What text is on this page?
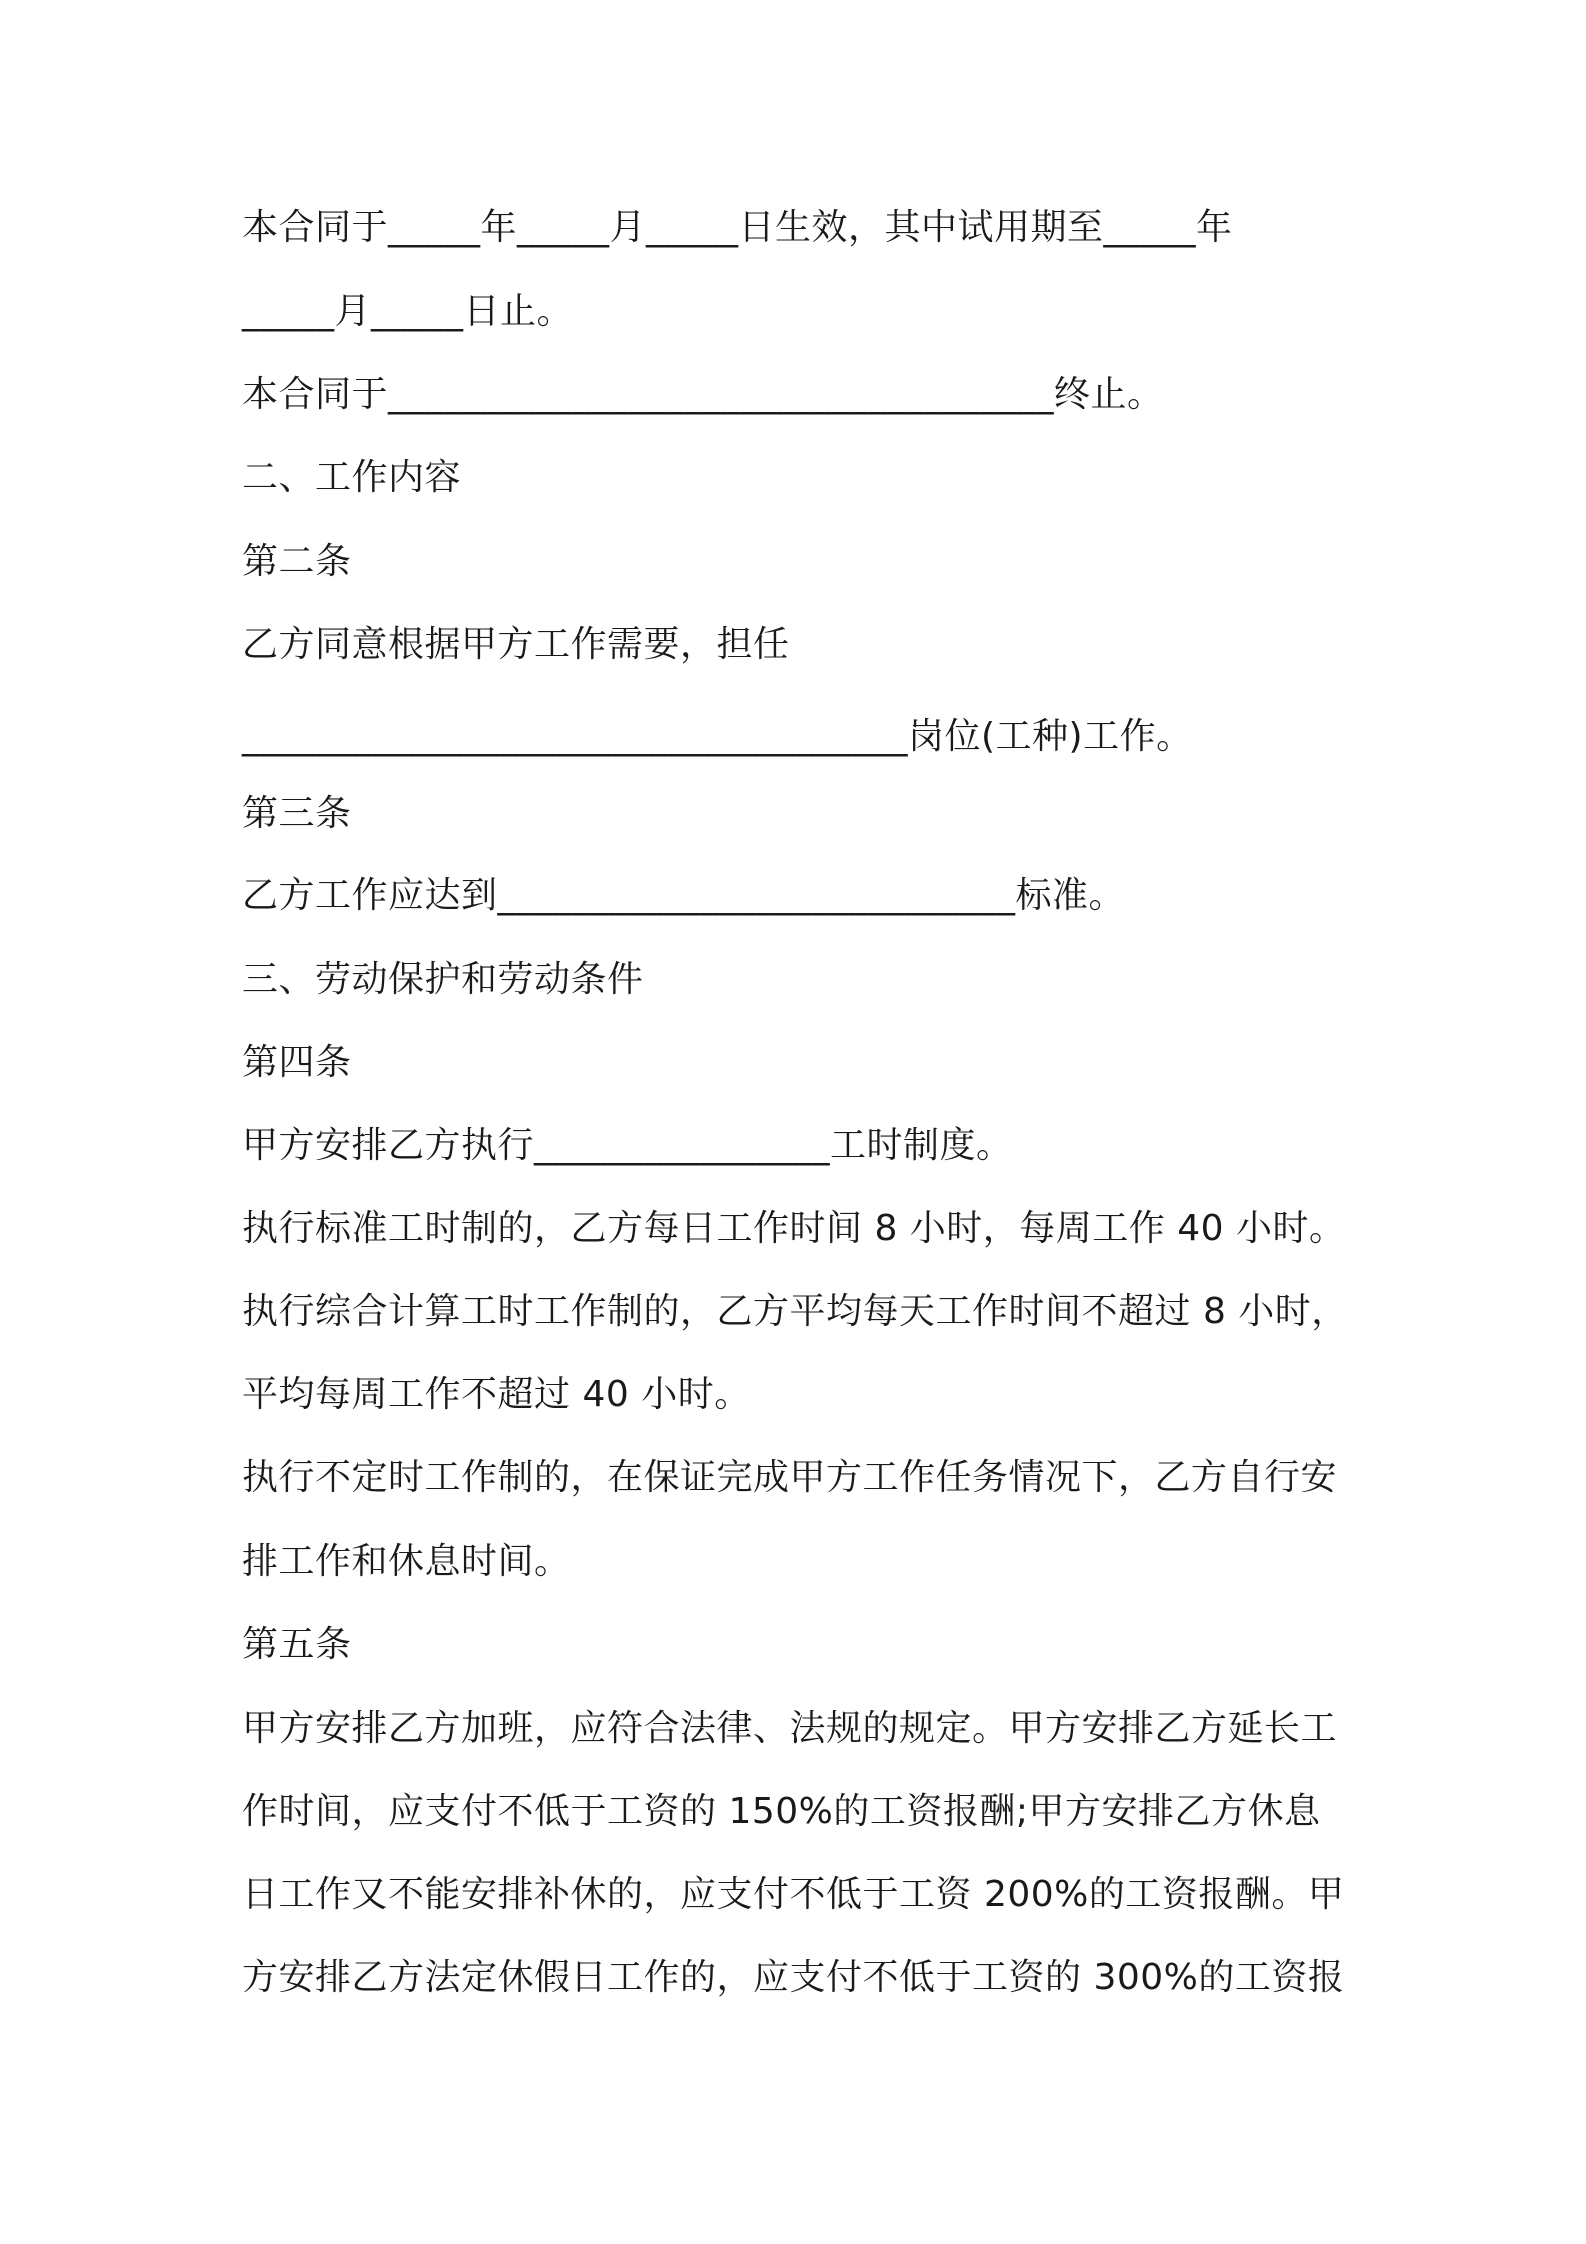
本合同于_____年_____月_____日生效，其中试用期至_____年
_____月_____日止。
本合同于____________________________________终止。
二、工作内容
第二条
乙方同意根据甲方工作需要，担任
____________________________________岗位(工种)工作。
第三条
乙方工作应达到____________________________标准。
三、劳动保护和劳动条件
第四条
甲方安排乙方执行________________工时制度。
执行标准工时制的，乙方每日工作时间 8 小时，每周工作 40 小时。
执行综合计算工时工作制的，乙方平均每天工作时间不超过 8 小时，
平均每周工作不超过 40 小时。
执行不定时工作制的，在保证完成甲方工作任务情况下，乙方自行安
排工作和休息时间。
第五条
甲方安排乙方加班，应符合法律、法规的规定。甲方安排乙方延长工
作时间，应支付不低于工资的 150%的工资报酬;甲方安排乙方休息
日工作又不能安排补休的，应支付不低于工资 200%的工资报酬。甲
方安排乙方法定休假日工作的，应支付不低于工资的 300%的工资报
